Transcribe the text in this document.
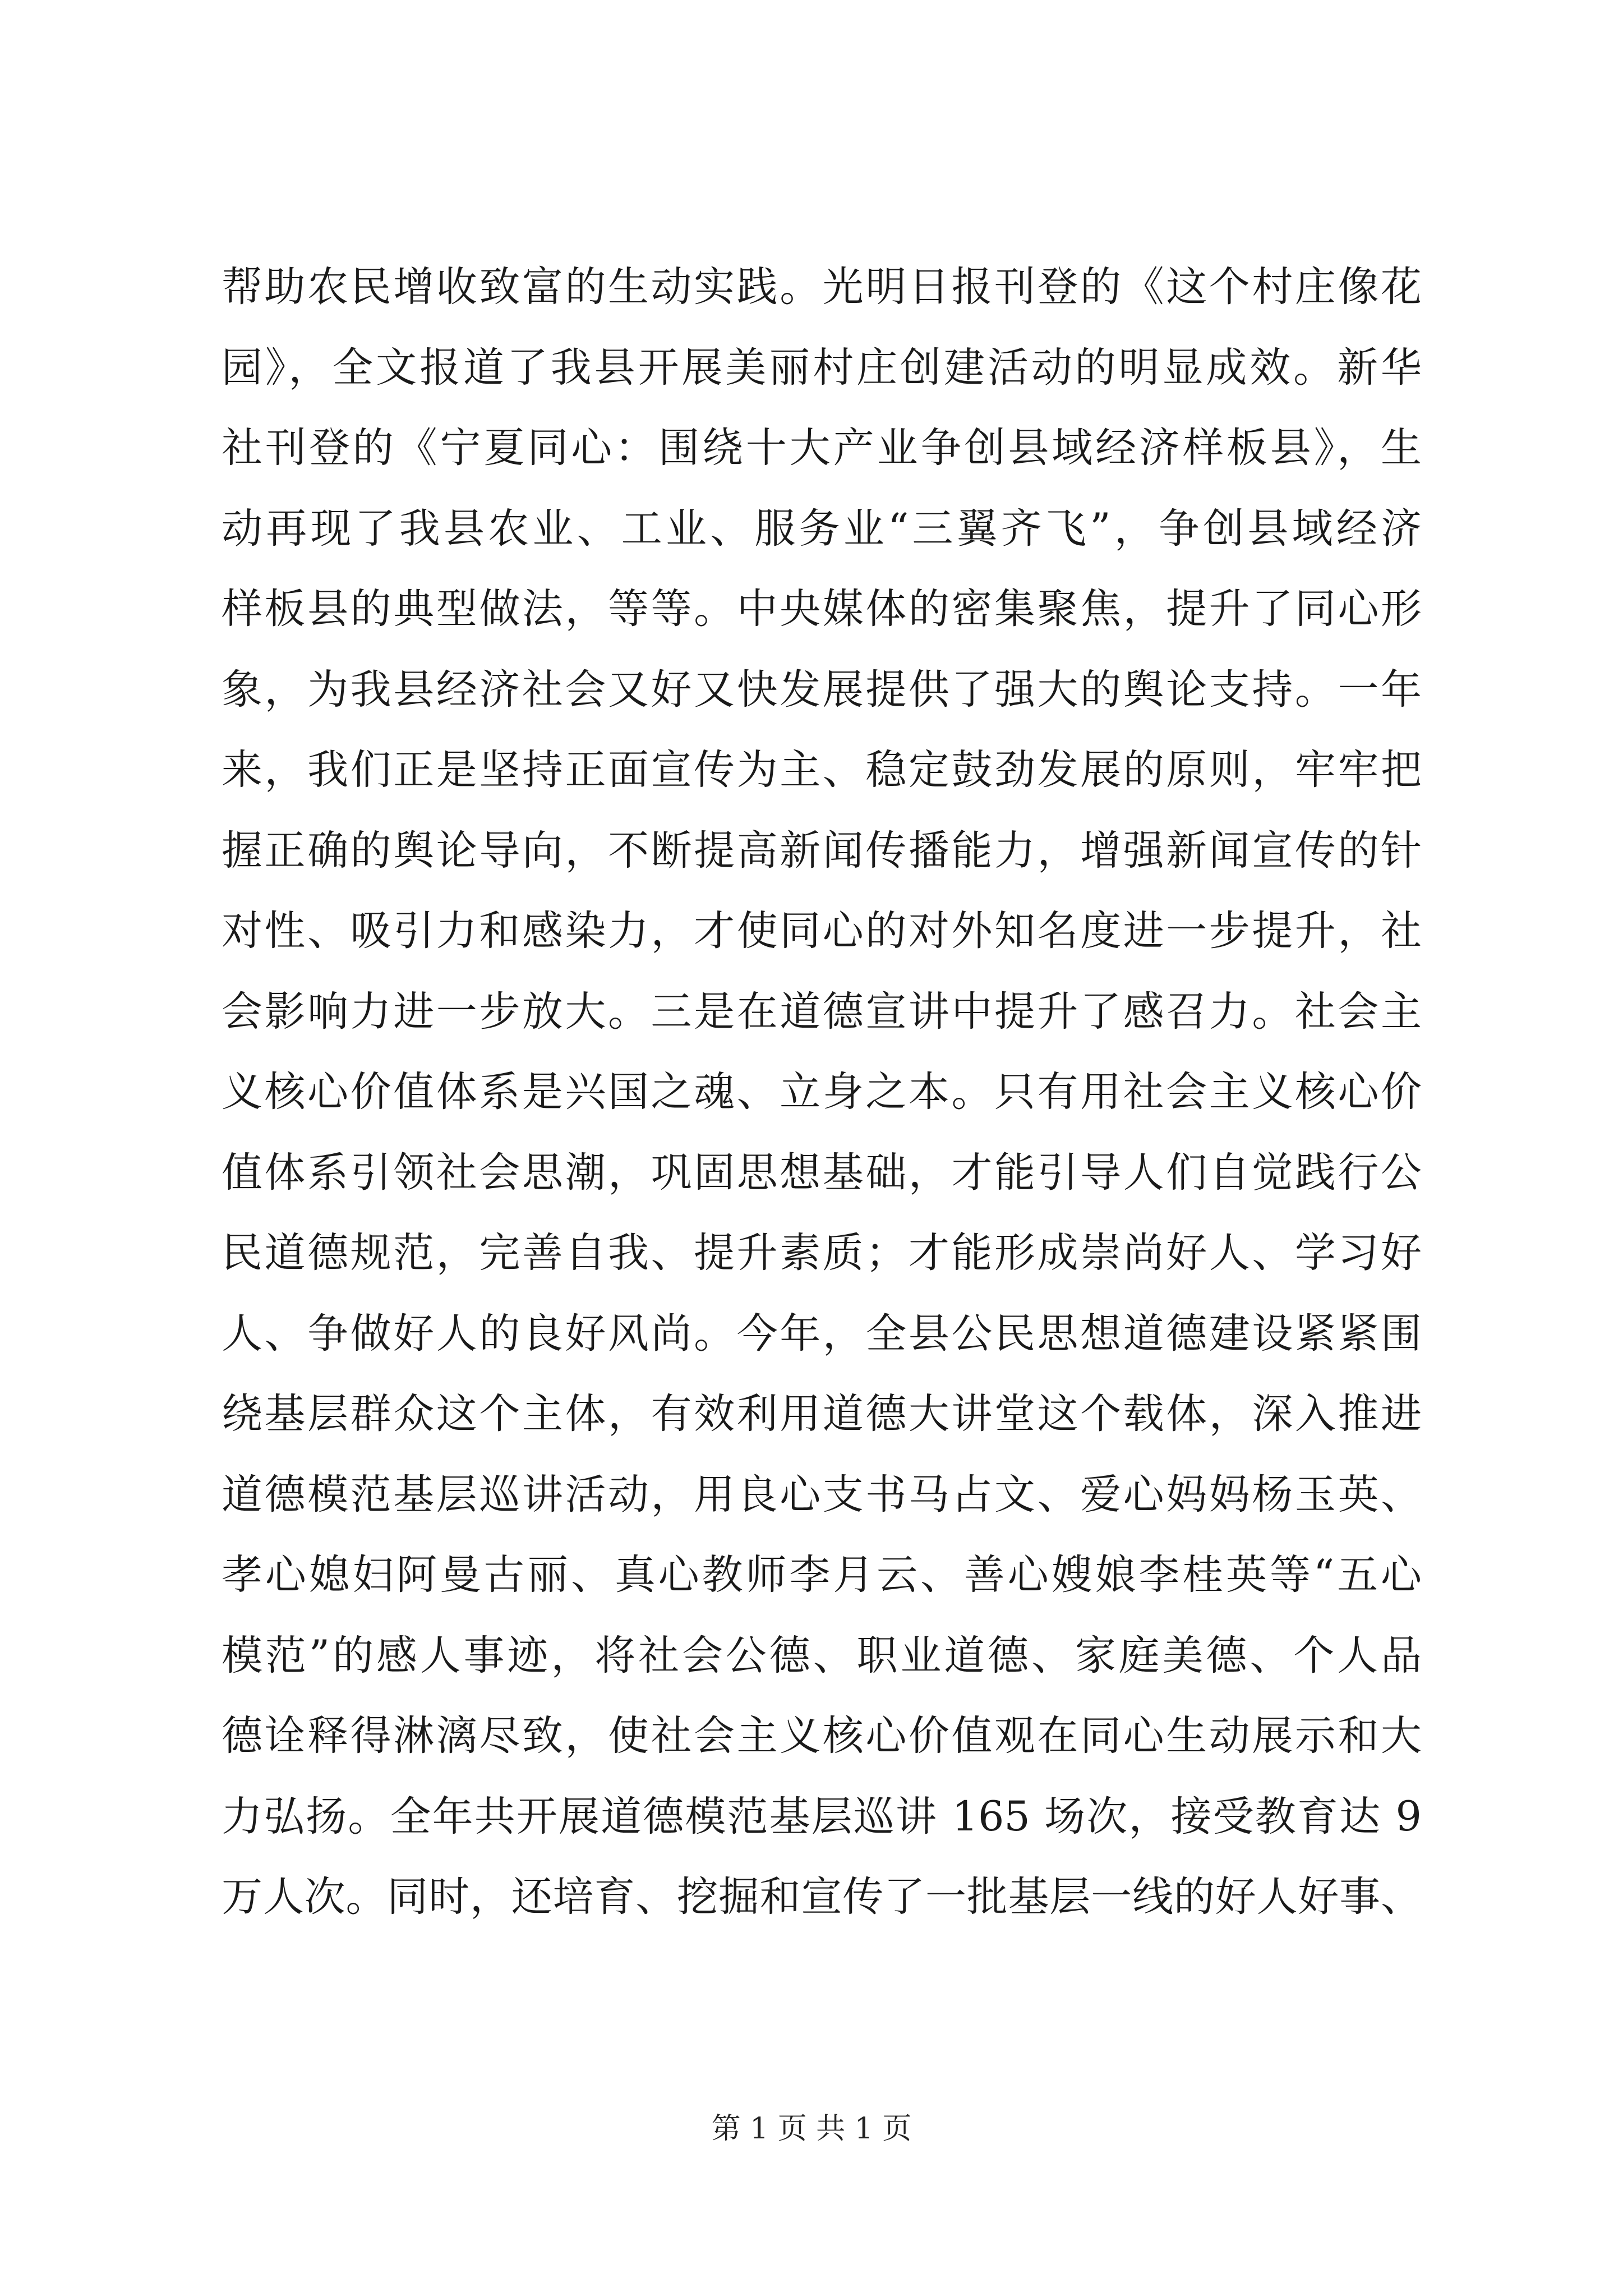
帮助农民增收致富的生动实践。光明日报刊登的《这个村庄像花
园》，全文报道了我县开展美丽村庄创建活动的明显成效。新华
社刊登的《宁夏同心：围绕十大产业争创县域经济样板县》，生
动再现了我县农业、工业、服务业“三翼齐飞”，争创县域经济
样板县的典型做法，等等。中央媒体的密集聚焦，提升了同心形
象，为我县经济社会又好又快发展提供了强大的舆论支持。一年
来，我们正是坚持正面宣传为主、稳定鼓劲发展的原则，牢牢把
握正确的舆论导向，不断提高新闻传播能力，增强新闻宣传的针
对性、吸引力和感染力，才使同心的对外知名度进一步提升，社
会影响力进一步放大。三是在道德宣讲中提升了感召力。社会主
义核心价值体系是兴国之魂、立身之本。只有用社会主义核心价
值体系引领社会思潮，巩固思想基础，才能引导人们自觉践行公
民道德规范，完善自我、提升素质；才能形成崇尚好人、学习好
人、争做好人的良好风尚。今年，全县公民思想道德建设紧紧围
绕基层群众这个主体，有效利用道德大讲堂这个载体，深入推进
道德模范基层巡讲活动，用良心支书马占文、爱心妈妈杨玉英、
孝心媳妇阿曼古丽、真心教师李月云、善心嫂娘李桂英等“五心
模范”的感人事迹，将社会公德、职业道德、家庭美德、个人品
德诠释得淋漓尽致，使社会主义核心价值观在同心生动展示和大
力弘扬。全年共开展道德模范基层巡讲 165 场次，接受教育达 9
万人次。同时，还培育、挖掘和宣传了一批基层一线的好人好事、
第 1 页 共 1 页
